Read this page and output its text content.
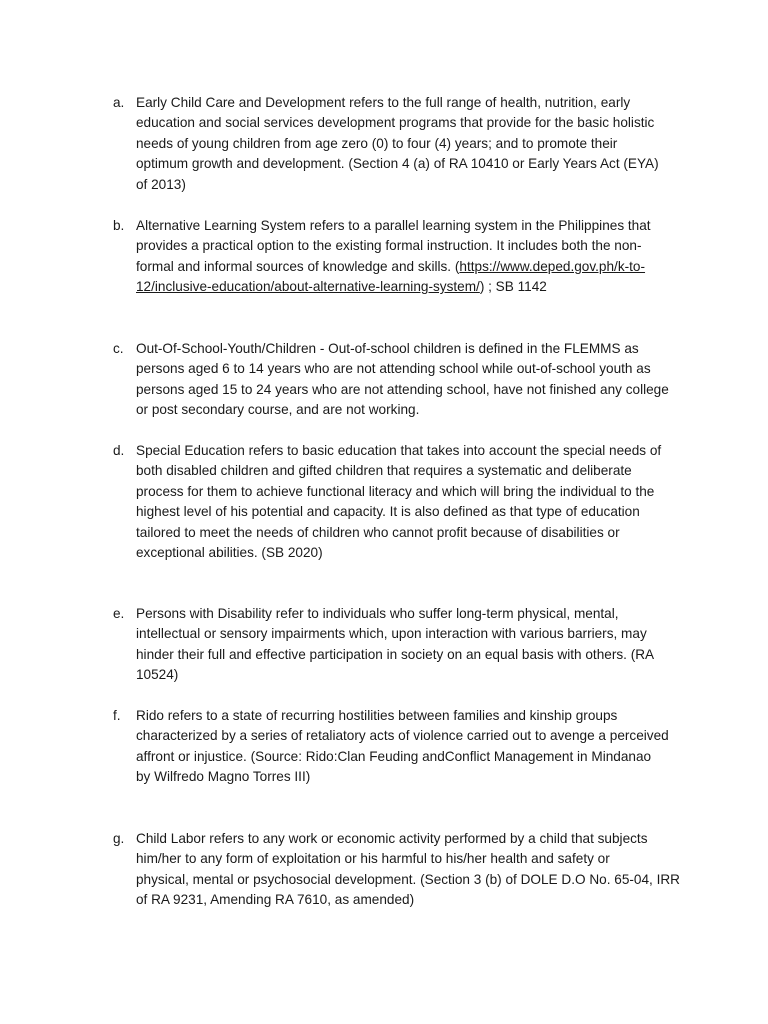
a. Early Child Care and Development refers to the full range of health, nutrition, early
education and social services development programs that provide for the basic holistic
needs of young children from age zero (0) to four (4) years; and to promote their
optimum growth and development. (Section 4 (a) of RA 10410 or Early Years Act (EYA)
of 2013)
b. Alternative Learning System refers to a parallel learning system in the Philippines that
provides a practical option to the existing formal instruction. It includes both the non-
formal and informal sources of knowledge and skills. (https://www.deped.gov.ph/k-to-
12/inclusive-education/about-alternative-learning-system/) ; SB 1142
c. Out-Of-School-Youth/Children - Out-of-school children is defined in the FLEMMS as
persons aged 6 to 14 years who are not attending school while out-of-school youth as
persons aged 15 to 24 years who are not attending school, have not finished any college
or post secondary course, and are not working.
d. Special Education refers to basic education that takes into account the special needs of
both disabled children and gifted children that requires a systematic and deliberate
process for them to achieve functional literacy and which will bring the individual to the
highest level of his potential and capacity. It is also defined as that type of education
tailored to meet the needs of children who cannot profit because of disabilities or
exceptional abilities. (SB 2020)
e. Persons with Disability refer to individuals who suffer long-term physical, mental,
intellectual or sensory impairments which, upon interaction with various barriers, may
hinder their full and effective participation in society on an equal basis with others. (RA
10524)
f. Rido refers to a state of recurring hostilities between families and kinship groups
characterized by a series of retaliatory acts of violence carried out to avenge a perceived
affront or injustice. (Source: Rido:Clan Feuding andConflict Management in Mindanao
by Wilfredo Magno Torres III)
g. Child Labor refers to any work or economic activity performed by a child that subjects
him/her to any form of exploitation or his harmful to his/her health and safety or
physical, mental or psychosocial development. (Section 3 (b) of DOLE D.O No. 65-04, IRR
of RA 9231, Amending RA 7610, as amended)
